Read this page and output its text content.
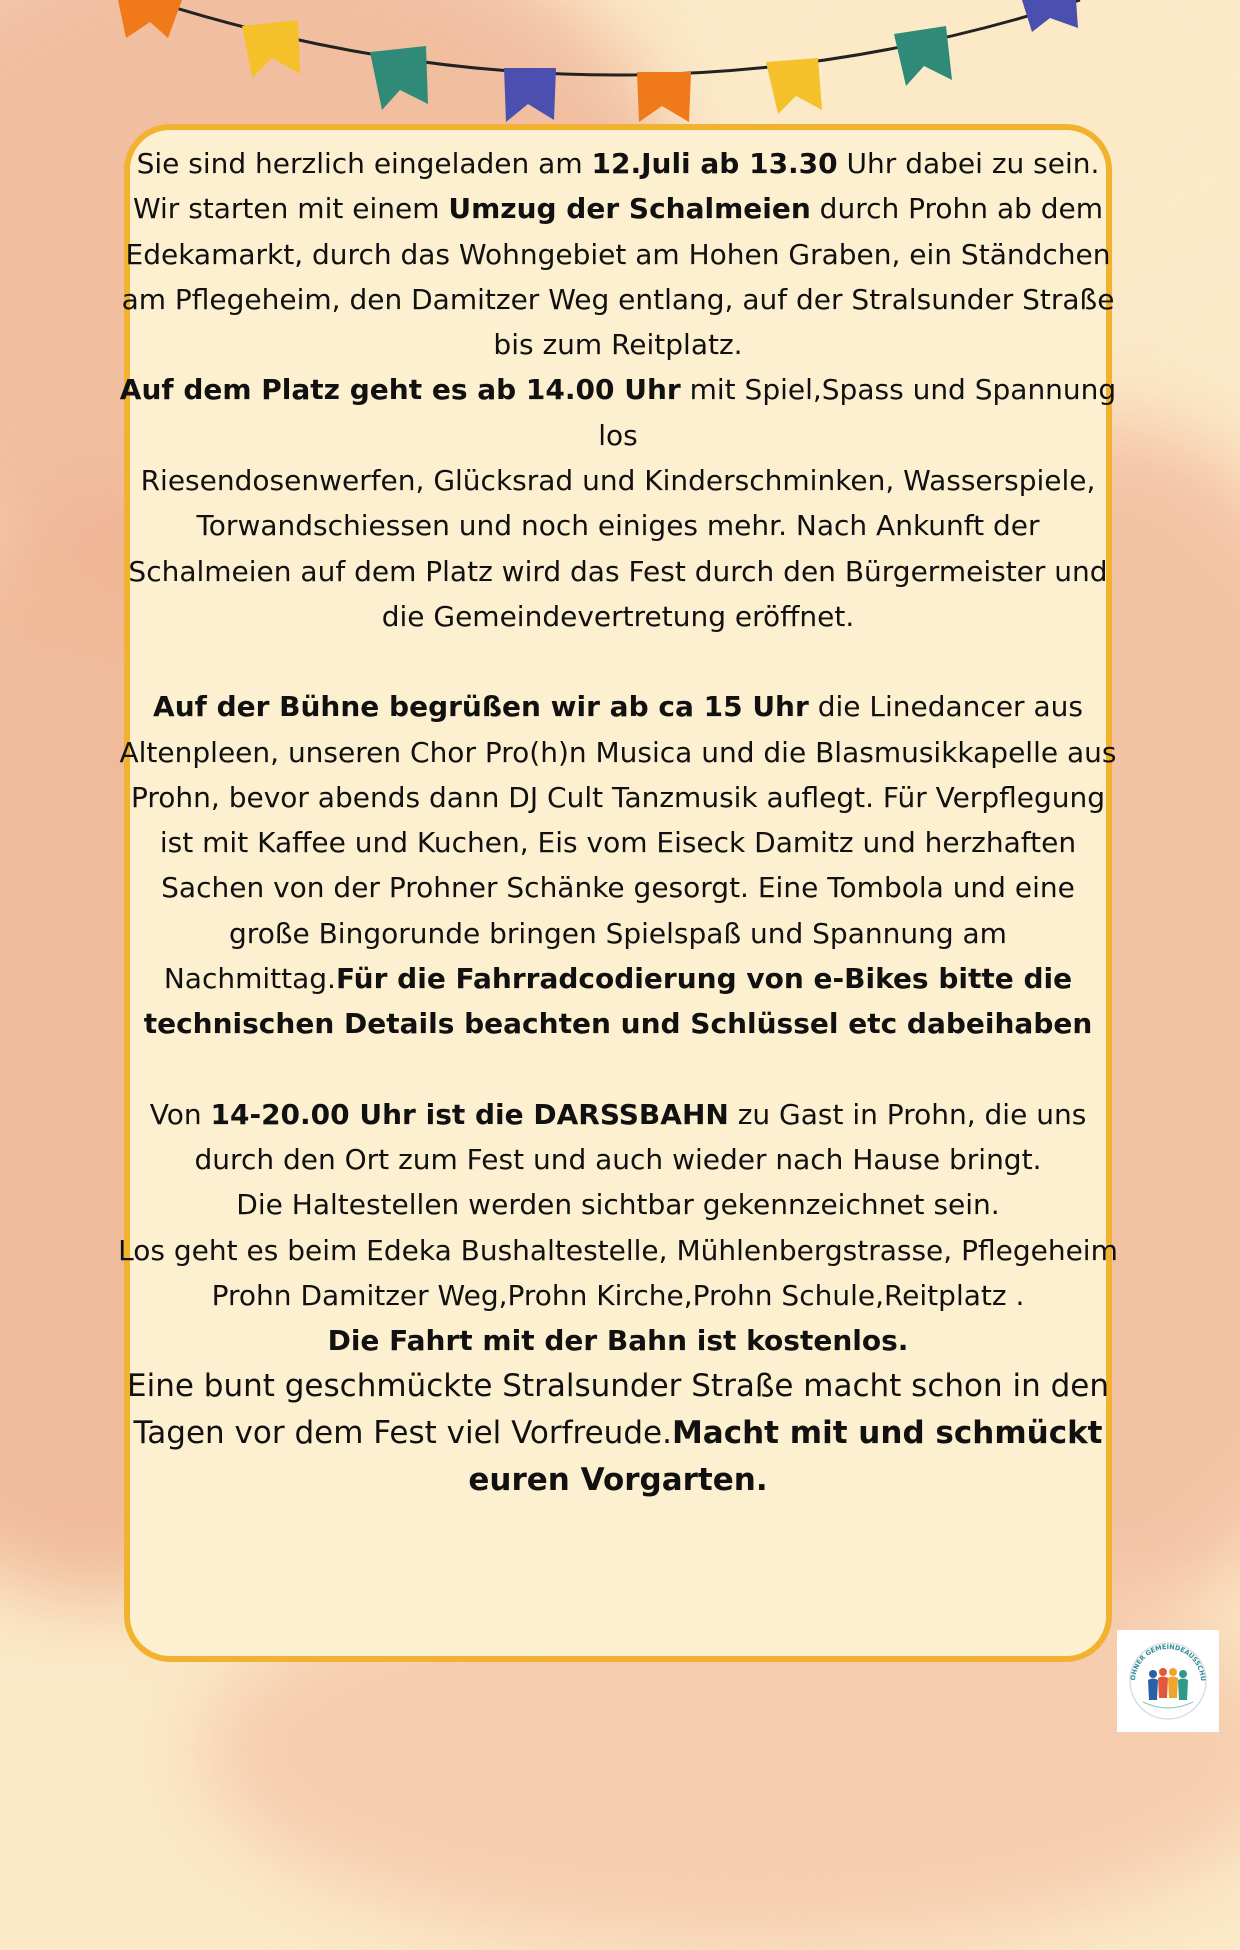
Sie sind herzlich eingeladen am 12.Juli ab 13.30 Uhr dabei zu sein.

Wir starten mit einem Umzug der Schalmeien durch Prohn ab dem Edekamarkt, durch das Wohngebiet am Hohen Graben, ein Ständchen am Pflegeheim, den Damitzer Weg entlang, auf der Stralsunder Straße bis zum Reitplatz.

Auf dem Platz geht es ab 14.00 Uhr mit Spiel,Spass und Spannung los

Riesendosenwerfen, Glücksrad und Kinderschminken, Wasserspiele, Torwandschiessen und noch einiges mehr. Nach Ankunft der Schalmeien auf dem Platz wird das Fest durch den Bürgermeister und die Gemeindevertretung eröffnet.

Auf der Bühne begrüßen wir ab ca 15 Uhr die Linedancer aus Altenpleen, unseren Chor Pro(h)n Musica und die Blasmusikkapelle aus Prohn, bevor abends dann DJ Cult Tanzmusik auflegt. Für Verpflegung ist mit Kaffee und Kuchen, Eis vom Eiseck Damitz und herzhaften Sachen von der Prohner Schänke gesorgt. Eine Tombola und eine große Bingorunde bringen Spielspaß und Spannung am Nachmittag.Für die Fahrradcodierung von e-Bikes bitte die technischen Details beachten und Schlüssel etc dabeihaben

Von 14-20.00 Uhr ist die DARSSBAHN zu Gast in Prohn, die uns durch den Ort zum Fest und auch wieder nach Hause bringt.

Die Haltestellen werden sichtbar gekennzeichnet sein.

Los geht es beim Edeka Bushaltestelle, Mühlenbergstrasse, Pflegeheim Prohn Damitzer Weg,Prohn Kirche,Prohn Schule,Reitplatz .

Die Fahrt mit der Bahn ist kostenlos.

Eine bunt geschmückte Stralsunder Straße macht schon in den Tagen vor dem Fest viel Vorfreude.Macht mit und schmückt euren Vorgarten.

OHNER GEMEINDEAUSSCHU
